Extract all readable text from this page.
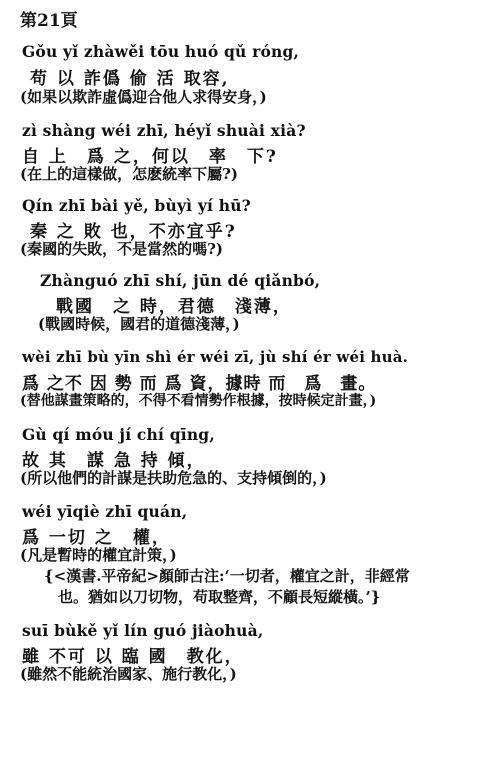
第21頁
Gǒu yǐ zhàwěi tōu huó qǔ róng,
苟 以 詐僞 偷 活 取容,
(如果以欺詐虛僞迎合他人求得安身，)
zì shàng wéi zhī, héyǐ shuài xià?
自 上　爲 之，何以　率　下?
(在上的這樣做，怎麽統率下屬?)
Qín zhī bài yě, bùyì yí hū?
秦 之 敗 也，不亦宜乎?
(秦國的失敗，不是當然的嗎?)
Zhànguó zhī shí, jūn dé qiǎnbó,
戰國　之 時，君德　淺薄，
(戰國時候，國君的道德淺薄，)
wèi zhī bù yīn shì ér wéi zī, jù shí ér wéi huà.
爲 之不 因 勢 而 爲 資，據時 而　爲　畫。
(替他謀畫策略的，不得不看情勢作根據，按時候定計畫，)
Gù qí móu jí chí qīng,
故 其　謀 急 持 傾，
(所以他們的計謀是扶助危急的、支持傾倒的，)
wéi yīqiè zhī quán,
爲 一切 之　權，
(凡是暫時的權宜計策，)
{<漢書.平帝紀>顏師古注:‘一切者，權宜之計，非經常
也。猶如以刀切物，苟取整齊，不顧長短縱橫。’}
suī bùkě yǐ lín guó jiàohuà,
雖 不可 以 臨 國　教化，
(雖然不能統治國家、施行教化，)
